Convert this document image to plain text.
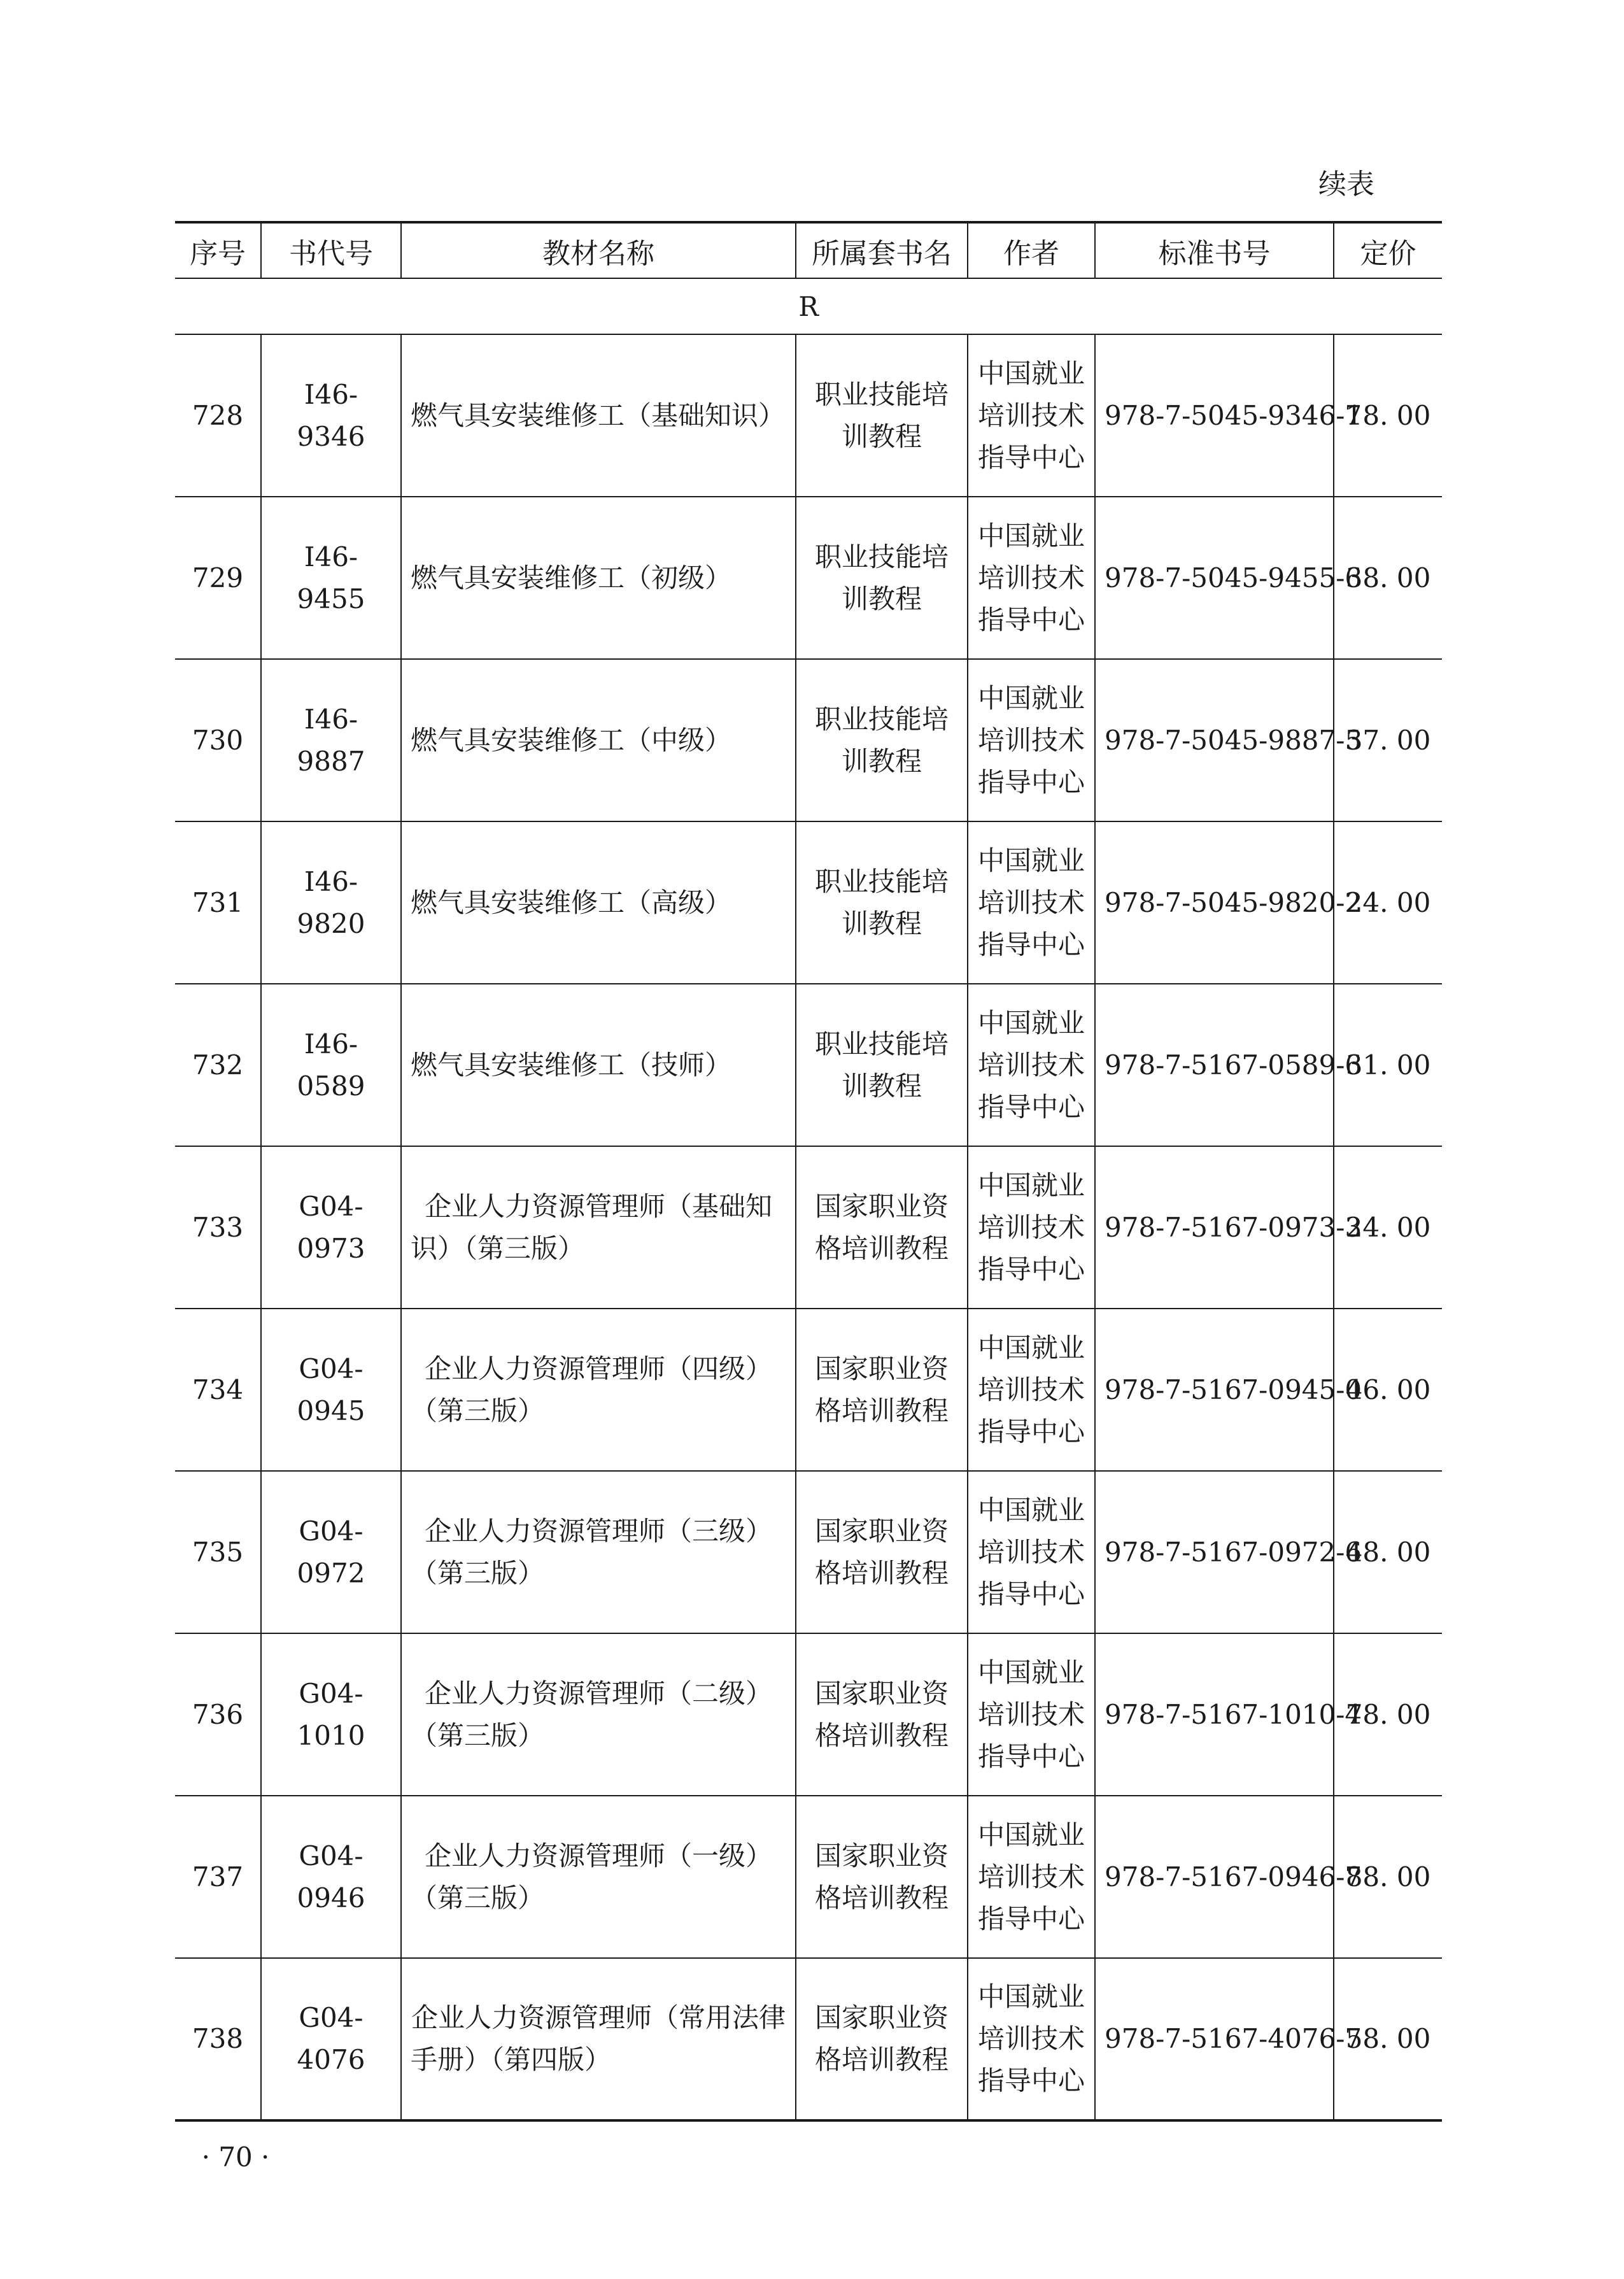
续表
序号	书代号	教材名称	所属套书名	作者	标准书号	定价
R						
728	I46-9346	燃气具安装维修工（基础知识）	职业技能培训教程	中国就业培训技术指导中心	978-7-5045-9346-7	18. 00
729	I46-9455	燃气具安装维修工（初级）	职业技能培训教程	中国就业培训技术指导中心	978-7-5045-9455-6	38. 00
730	I46-9887	燃气具安装维修工（中级）	职业技能培训教程	中国就业培训技术指导中心	978-7-5045-9887-5	37. 00
731	I46-9820	燃气具安装维修工（高级）	职业技能培训教程	中国就业培训技术指导中心	978-7-5045-9820-2	24. 00
732	I46-0589	燃气具安装维修工（技师）	职业技能培训教程	中国就业培训技术指导中心	978-7-5167-0589-6	31. 00
733	G04-0973	企业人力资源管理师（基础知识）（第三版）	国家职业资格培训教程	中国就业培训技术指导中心	978-7-5167-0973-3	24. 00
734	G04-0945	企业人力资源管理师（四级）（第三版）	国家职业资格培训教程	中国就业培训技术指导中心	978-7-5167-0945-0	46. 00
735	G04-0972	企业人力资源管理师（三级）（第三版）	国家职业资格培训教程	中国就业培训技术指导中心	978-7-5167-0972-6	48. 00
736	G04-1010	企业人力资源管理师（二级）（第三版）	国家职业资格培训教程	中国就业培训技术指导中心	978-7-5167-1010-4	78. 00
737	G04-0946	企业人力资源管理师（一级）（第三版）	国家职业资格培训教程	中国就业培训技术指导中心	978-7-5167-0946-7	88. 00
738	G04-4076	企业人力资源管理师（常用法律手册）（第四版）	国家职业资格培训教程	中国就业培训技术指导中心	978-7-5167-4076-7	58. 00
· 70 ·
